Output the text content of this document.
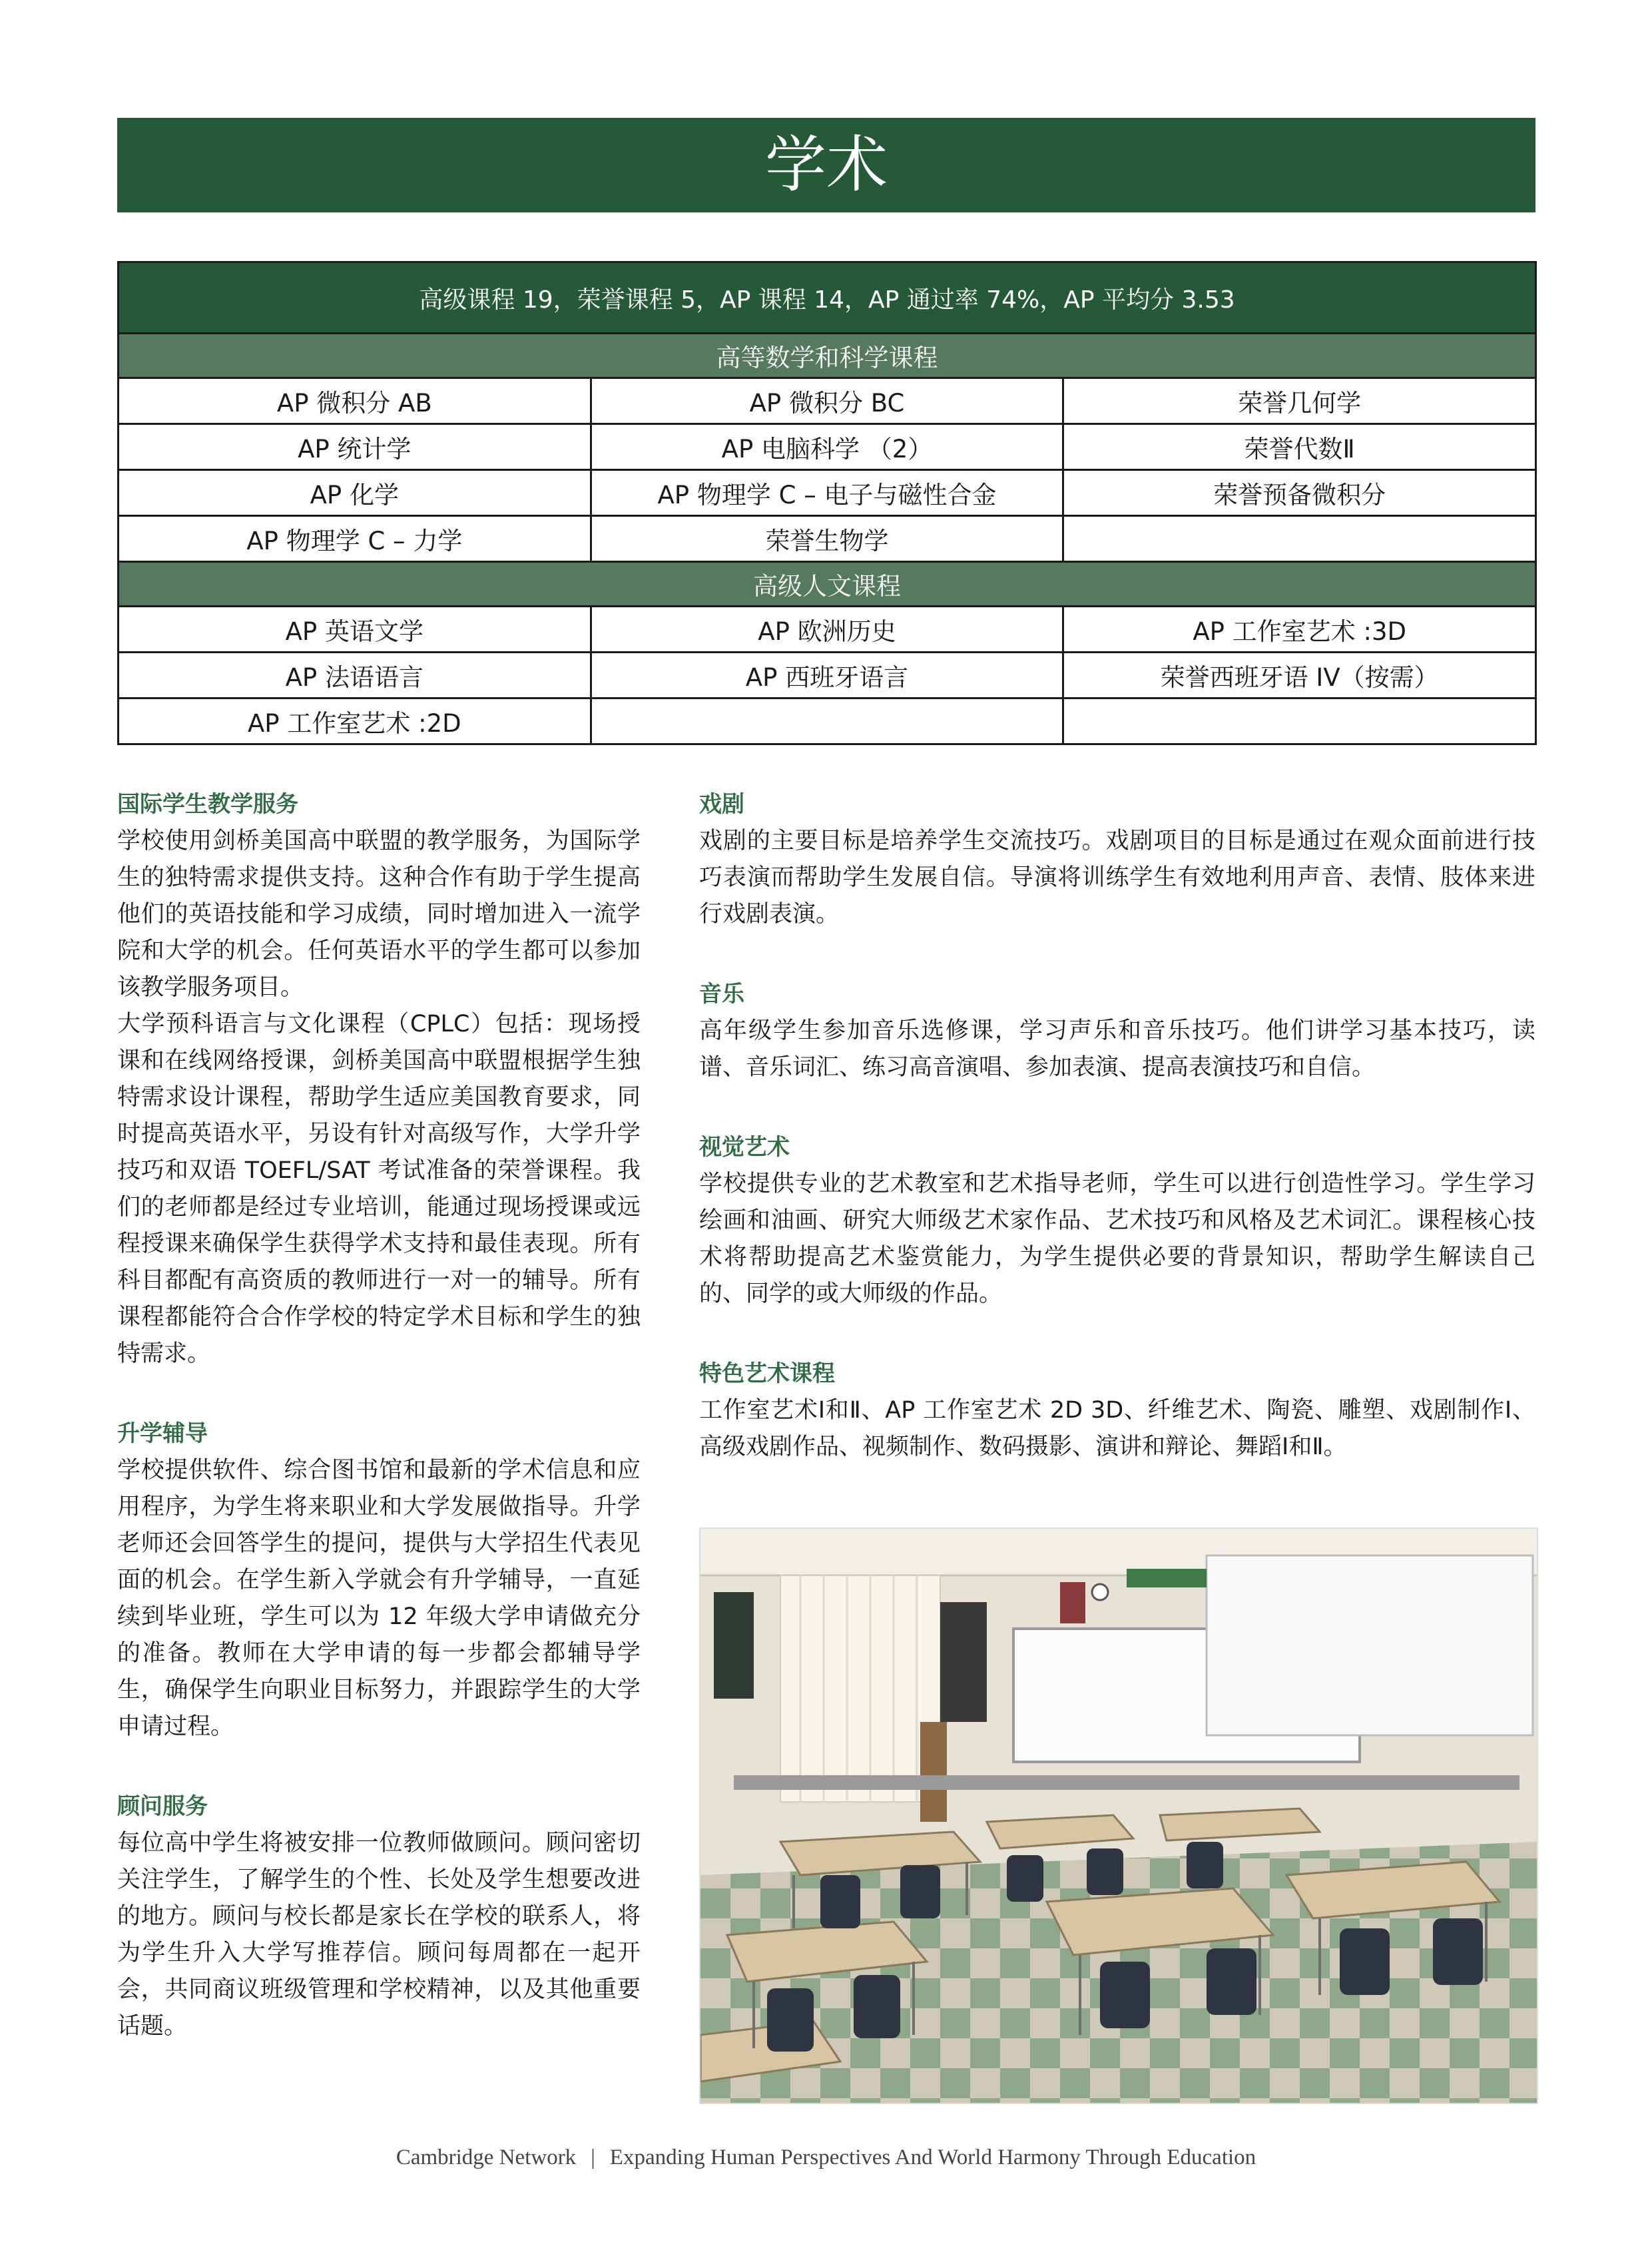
学术
高级课程 19，荣誉课程 5，AP 课程 14，AP 通过率 74%，AP 平均分 3.53		
高等数学和科学课程		
AP 微积分 AB	AP 微积分 BC	荣誉几何学
AP 统计学	AP 电脑科学 （2）	荣誉代数Ⅱ
AP 化学	AP 物理学 C – 电子与磁性合金	荣誉预备微积分
AP 物理学 C – 力学	荣誉生物学	
高级人文课程		
AP 英语文学	AP 欧洲历史	AP 工作室艺术 :3D
AP 法语语言	AP 西班牙语言	荣誉西班牙语 IV（按需）
AP 工作室艺术 :2D		
国际学生教学服务

学校使用剑桥美国高中联盟的教学服务，为国际学生的独特需求提供支持。这种合作有助于学生提高他们的英语技能和学习成绩，同时增加进入一流学院和大学的机会。任何英语水平的学生都可以参加该教学服务项目。

大学预科语言与文化课程（CPLC）包括：现场授课和在线网络授课，剑桥美国高中联盟根据学生独特需求设计课程，帮助学生适应美国教育要求，同时提高英语水平，另设有针对高级写作，大学升学技巧和双语 TOEFL/SAT 考试准备的荣誉课程。我们的老师都是经过专业培训，能通过现场授课或远程授课来确保学生获得学术支持和最佳表现。所有科目都配有高资质的教师进行一对一的辅导。所有课程都能符合合作学校的特定学术目标和学生的独特需求。

升学辅导

学校提供软件、综合图书馆和最新的学术信息和应用程序，为学生将来职业和大学发展做指导。升学老师还会回答学生的提问，提供与大学招生代表见面的机会。在学生新入学就会有升学辅导，一直延续到毕业班，学生可以为 12 年级大学申请做充分的准备。教师在大学申请的每一步都会都辅导学生，确保学生向职业目标努力，并跟踪学生的大学申请过程。

顾问服务

每位高中学生将被安排一位教师做顾问。顾问密切关注学生，了解学生的个性、长处及学生想要改进的地方。顾问与校长都是家长在学校的联系人，将为学生升入大学写推荐信。顾问每周都在一起开会，共同商议班级管理和学校精神，以及其他重要话题。

戏剧

戏剧的主要目标是培养学生交流技巧。戏剧项目的目标是通过在观众面前进行技巧表演而帮助学生发展自信。导演将训练学生有效地利用声音、表情、肢体来进行戏剧表演。

音乐

高年级学生参加音乐选修课，学习声乐和音乐技巧。他们讲学习基本技巧，读谱、音乐词汇、练习高音演唱、参加表演、提高表演技巧和自信。

视觉艺术

学校提供专业的艺术教室和艺术指导老师，学生可以进行创造性学习。学生学习绘画和油画、研究大师级艺术家作品、艺术技巧和风格及艺术词汇。课程核心技术将帮助提高艺术鉴赏能力，为学生提供必要的背景知识，帮助学生解读自己的、同学的或大师级的作品。

特色艺术课程

工作室艺术Ⅰ和Ⅱ、AP 工作室艺术 2D 3D、纤维艺术、陶瓷、雕塑、戏剧制作Ⅰ、高级戏剧作品、视频制作、数码摄影、演讲和辩论、舞蹈Ⅰ和Ⅱ。

Cambridge Network | Expanding Human Perspectives And World Harmony Through Education
